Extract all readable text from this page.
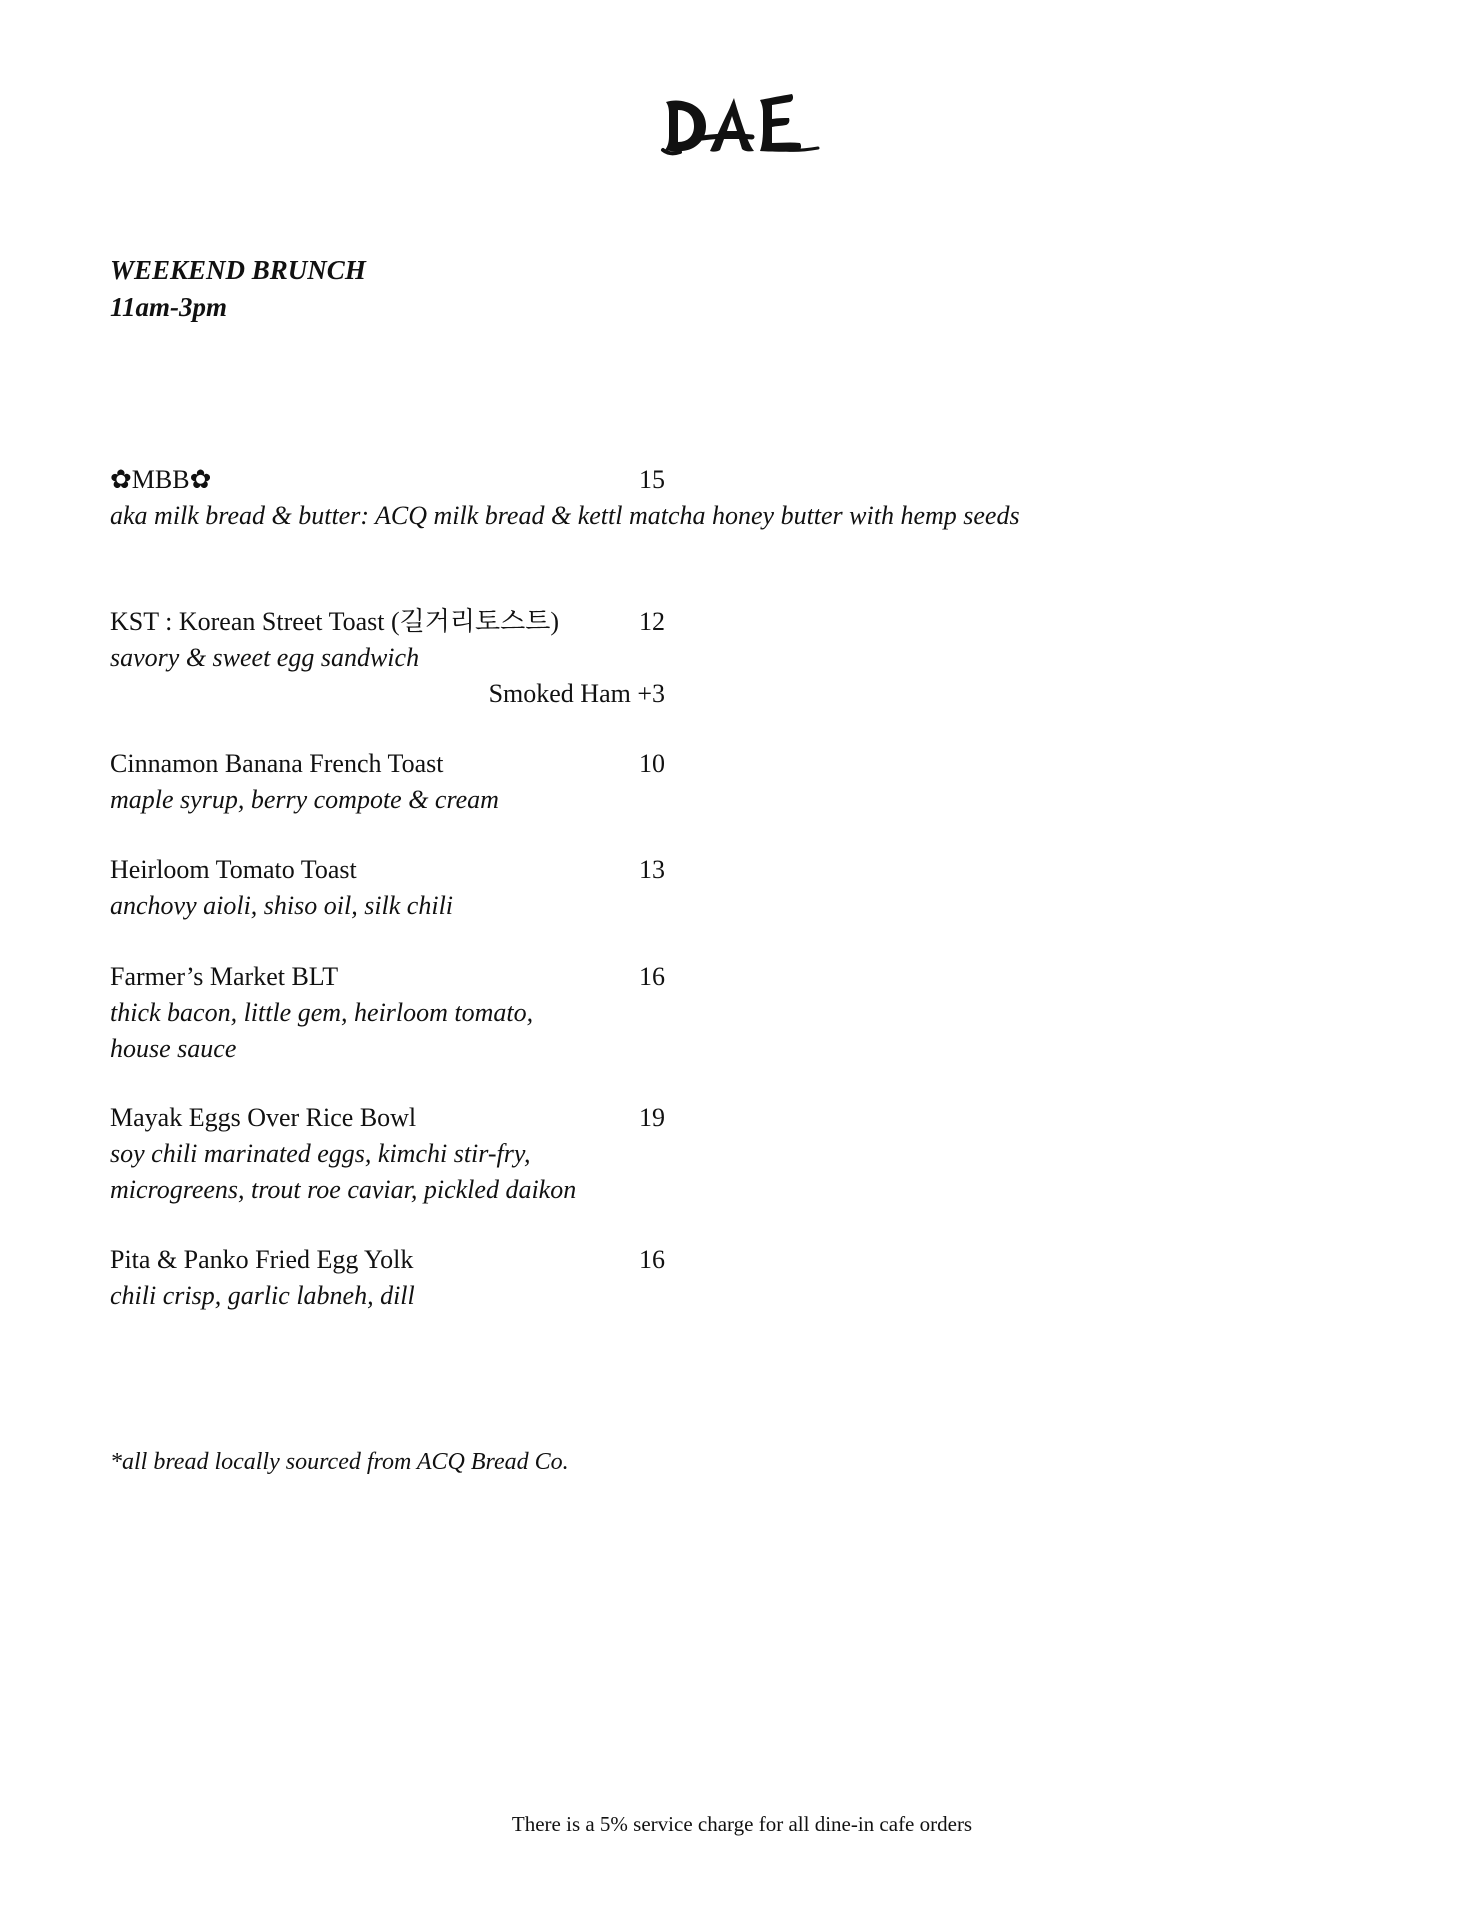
WEEKEND BRUNCH
11am-3pm
✿MBB✿	15
aka milk bread & butter: ACQ milk bread & kettl matcha honey butter with hemp seeds
KST : Korean Street Toast (길거리토스트)	12
savory & sweet egg sandwich
Smoked Ham +3
Cinnamon Banana French Toast	10
maple syrup, berry compote & cream
Heirloom Tomato Toast	13
anchovy aioli, shiso oil, silk chili
Farmer’s Market BLT	16
thick bacon, little gem, heirloom tomato,
house sauce
Mayak Eggs Over Rice Bowl	19
soy chili marinated eggs, kimchi stir-fry,
microgreens, trout roe caviar, pickled daikon
Pita & Panko Fried Egg Yolk	16
chili crisp, garlic labneh, dill
*all bread locally sourced from ACQ Bread Co.
There is a 5% service charge for all dine-in cafe orders
